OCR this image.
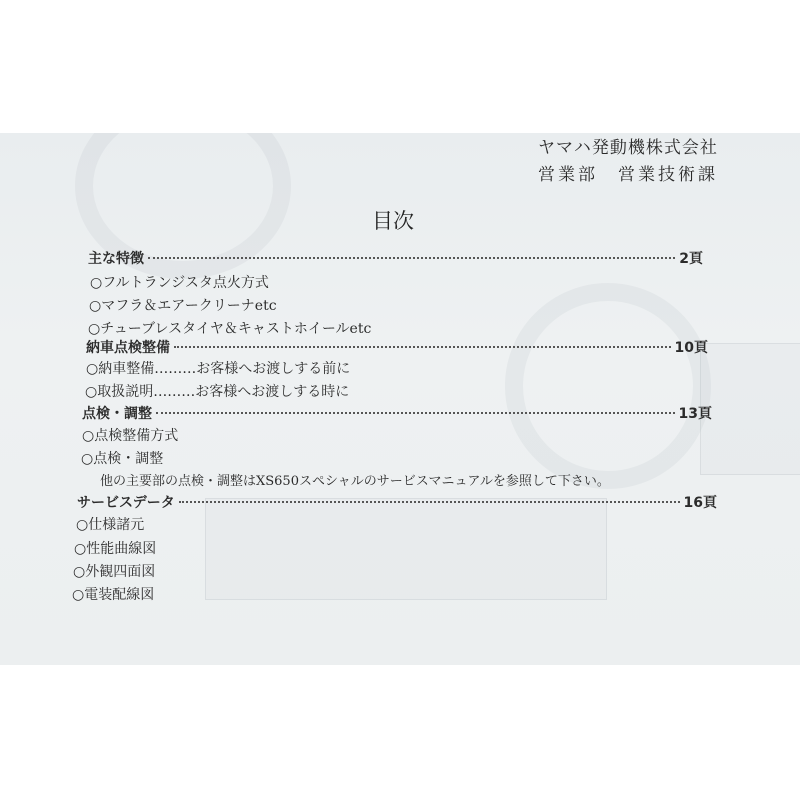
ヤマハ発動機株式会社
営業部　営業技術課
目次
主な特徴	2頁
○フルトランジスタ点火方式
○マフラ＆エアークリーナetc
○チューブレスタイヤ＆キャストホイールetc
納車点検整備	10頁
○納車整備………お客様へお渡しする前に
○取扱説明………お客様へお渡しする時に
点検・調整	13頁
○点検整備方式
○点検・調整
他の主要部の点検・調整はXS650スペシャルのサービスマニュアルを参照して下さい。
サービスデータ	16頁
○仕様諸元
○性能曲線図
○外観四面図
○電装配線図
